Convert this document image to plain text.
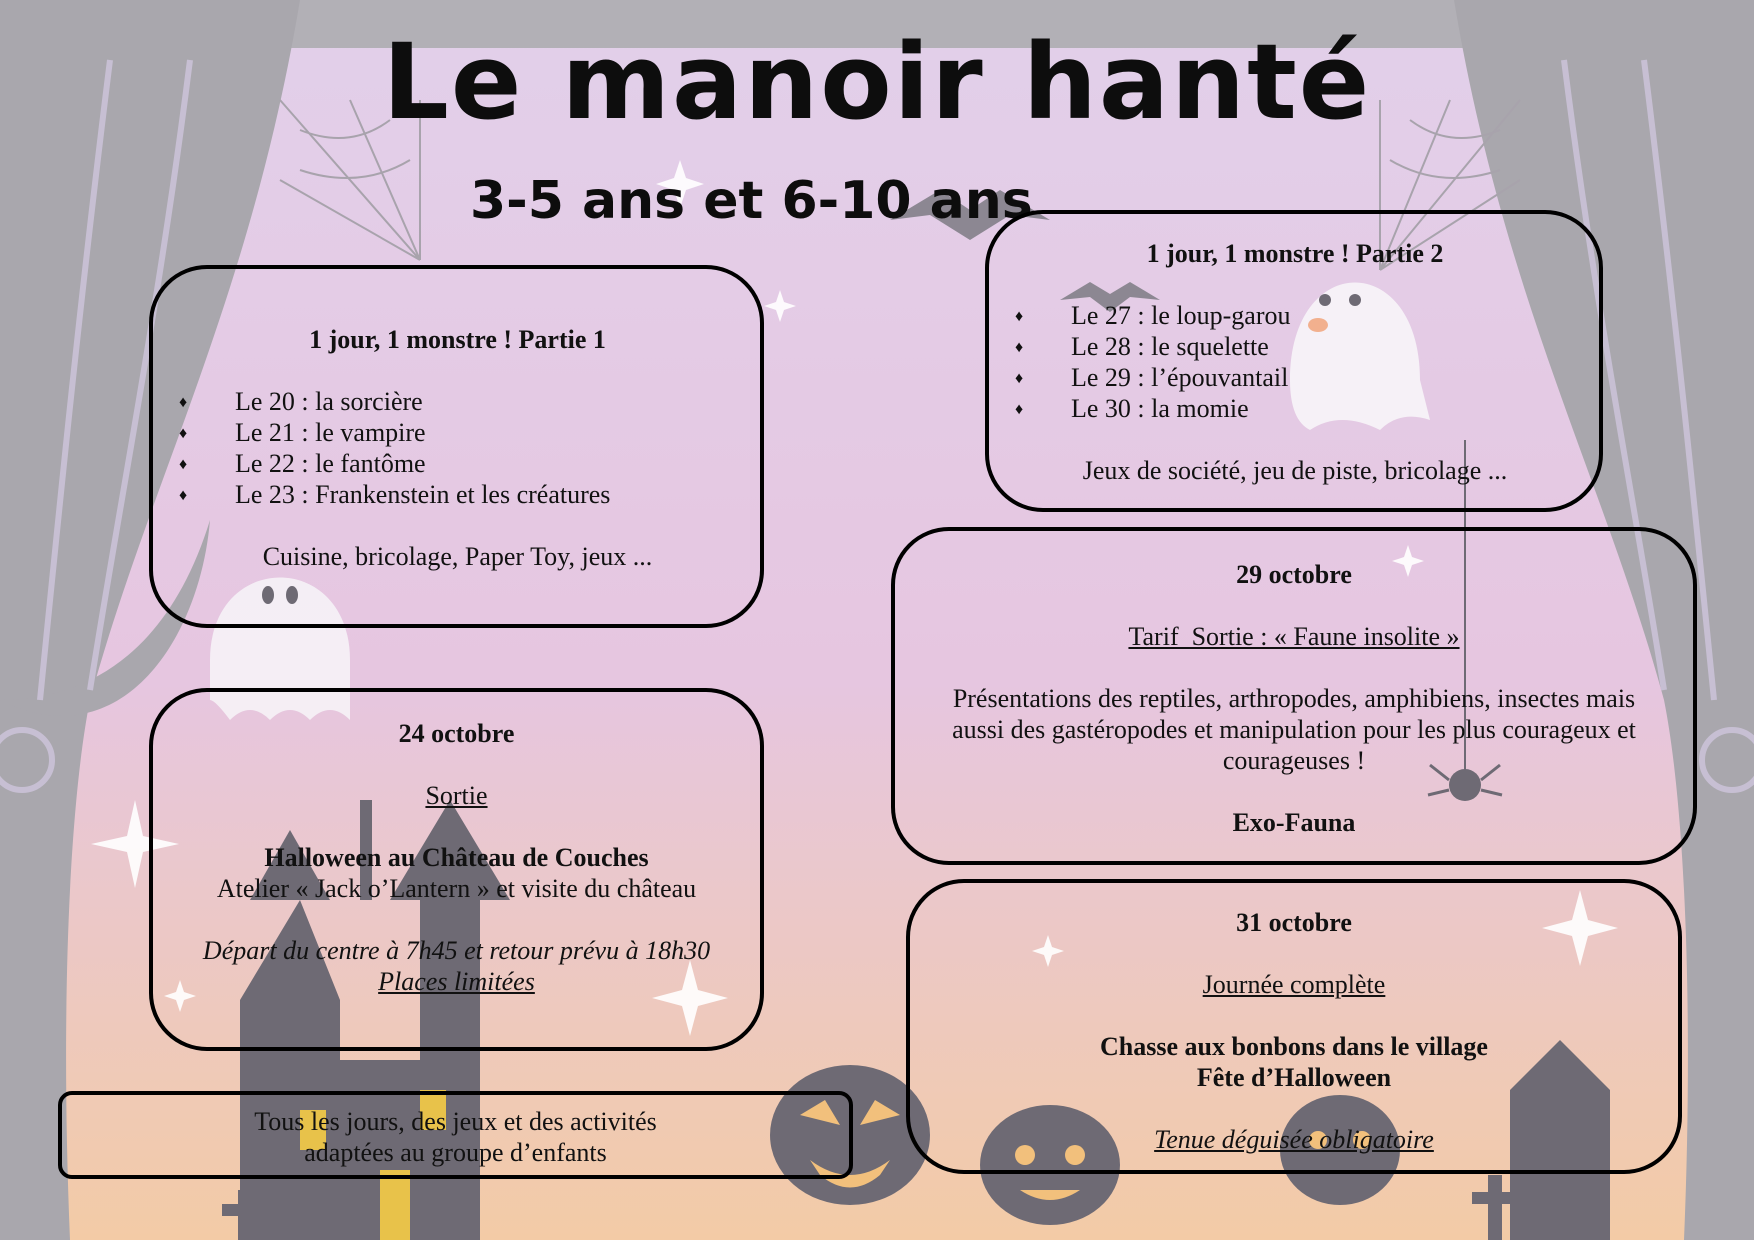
Le manoir hanté
3-5 ans et 6-10 ans
1 jour, 1 monstre ! Partie 1
♦ Le 20 : la sorcière
♦ Le 21 : le vampire
♦ Le 22 : le fantôme
♦ Le 23 : Frankenstein et les créatures
Cuisine, bricolage, Paper Toy, jeux ...
1 jour, 1 monstre ! Partie 2
♦ Le 27 : le loup-garou
♦ Le 28 : le squelette
♦ Le 29 : l’épouvantail
♦ Le 30 : la momie
Jeux de société, jeu de piste, bricolage ...
24 octobre
Sortie
Halloween au Château de Couches
Atelier « Jack o’Lantern » et visite du château
Départ du centre à 7h45 et retour prévu à 18h30
Places limitées
29 octobre
Tarif  Sortie : « Faune insolite »
Présentations des reptiles, arthropodes, amphibiens, insectes mais aussi des gastéropodes et manipulation pour les plus courageux et courageuses !
Exo-Fauna
31 octobre
Journée complète
Chasse aux bonbons dans le village
Fête d’Halloween
Tenue déguisée obligatoire
Tous les jours, des jeux et des activités adaptées au groupe d’enfants
